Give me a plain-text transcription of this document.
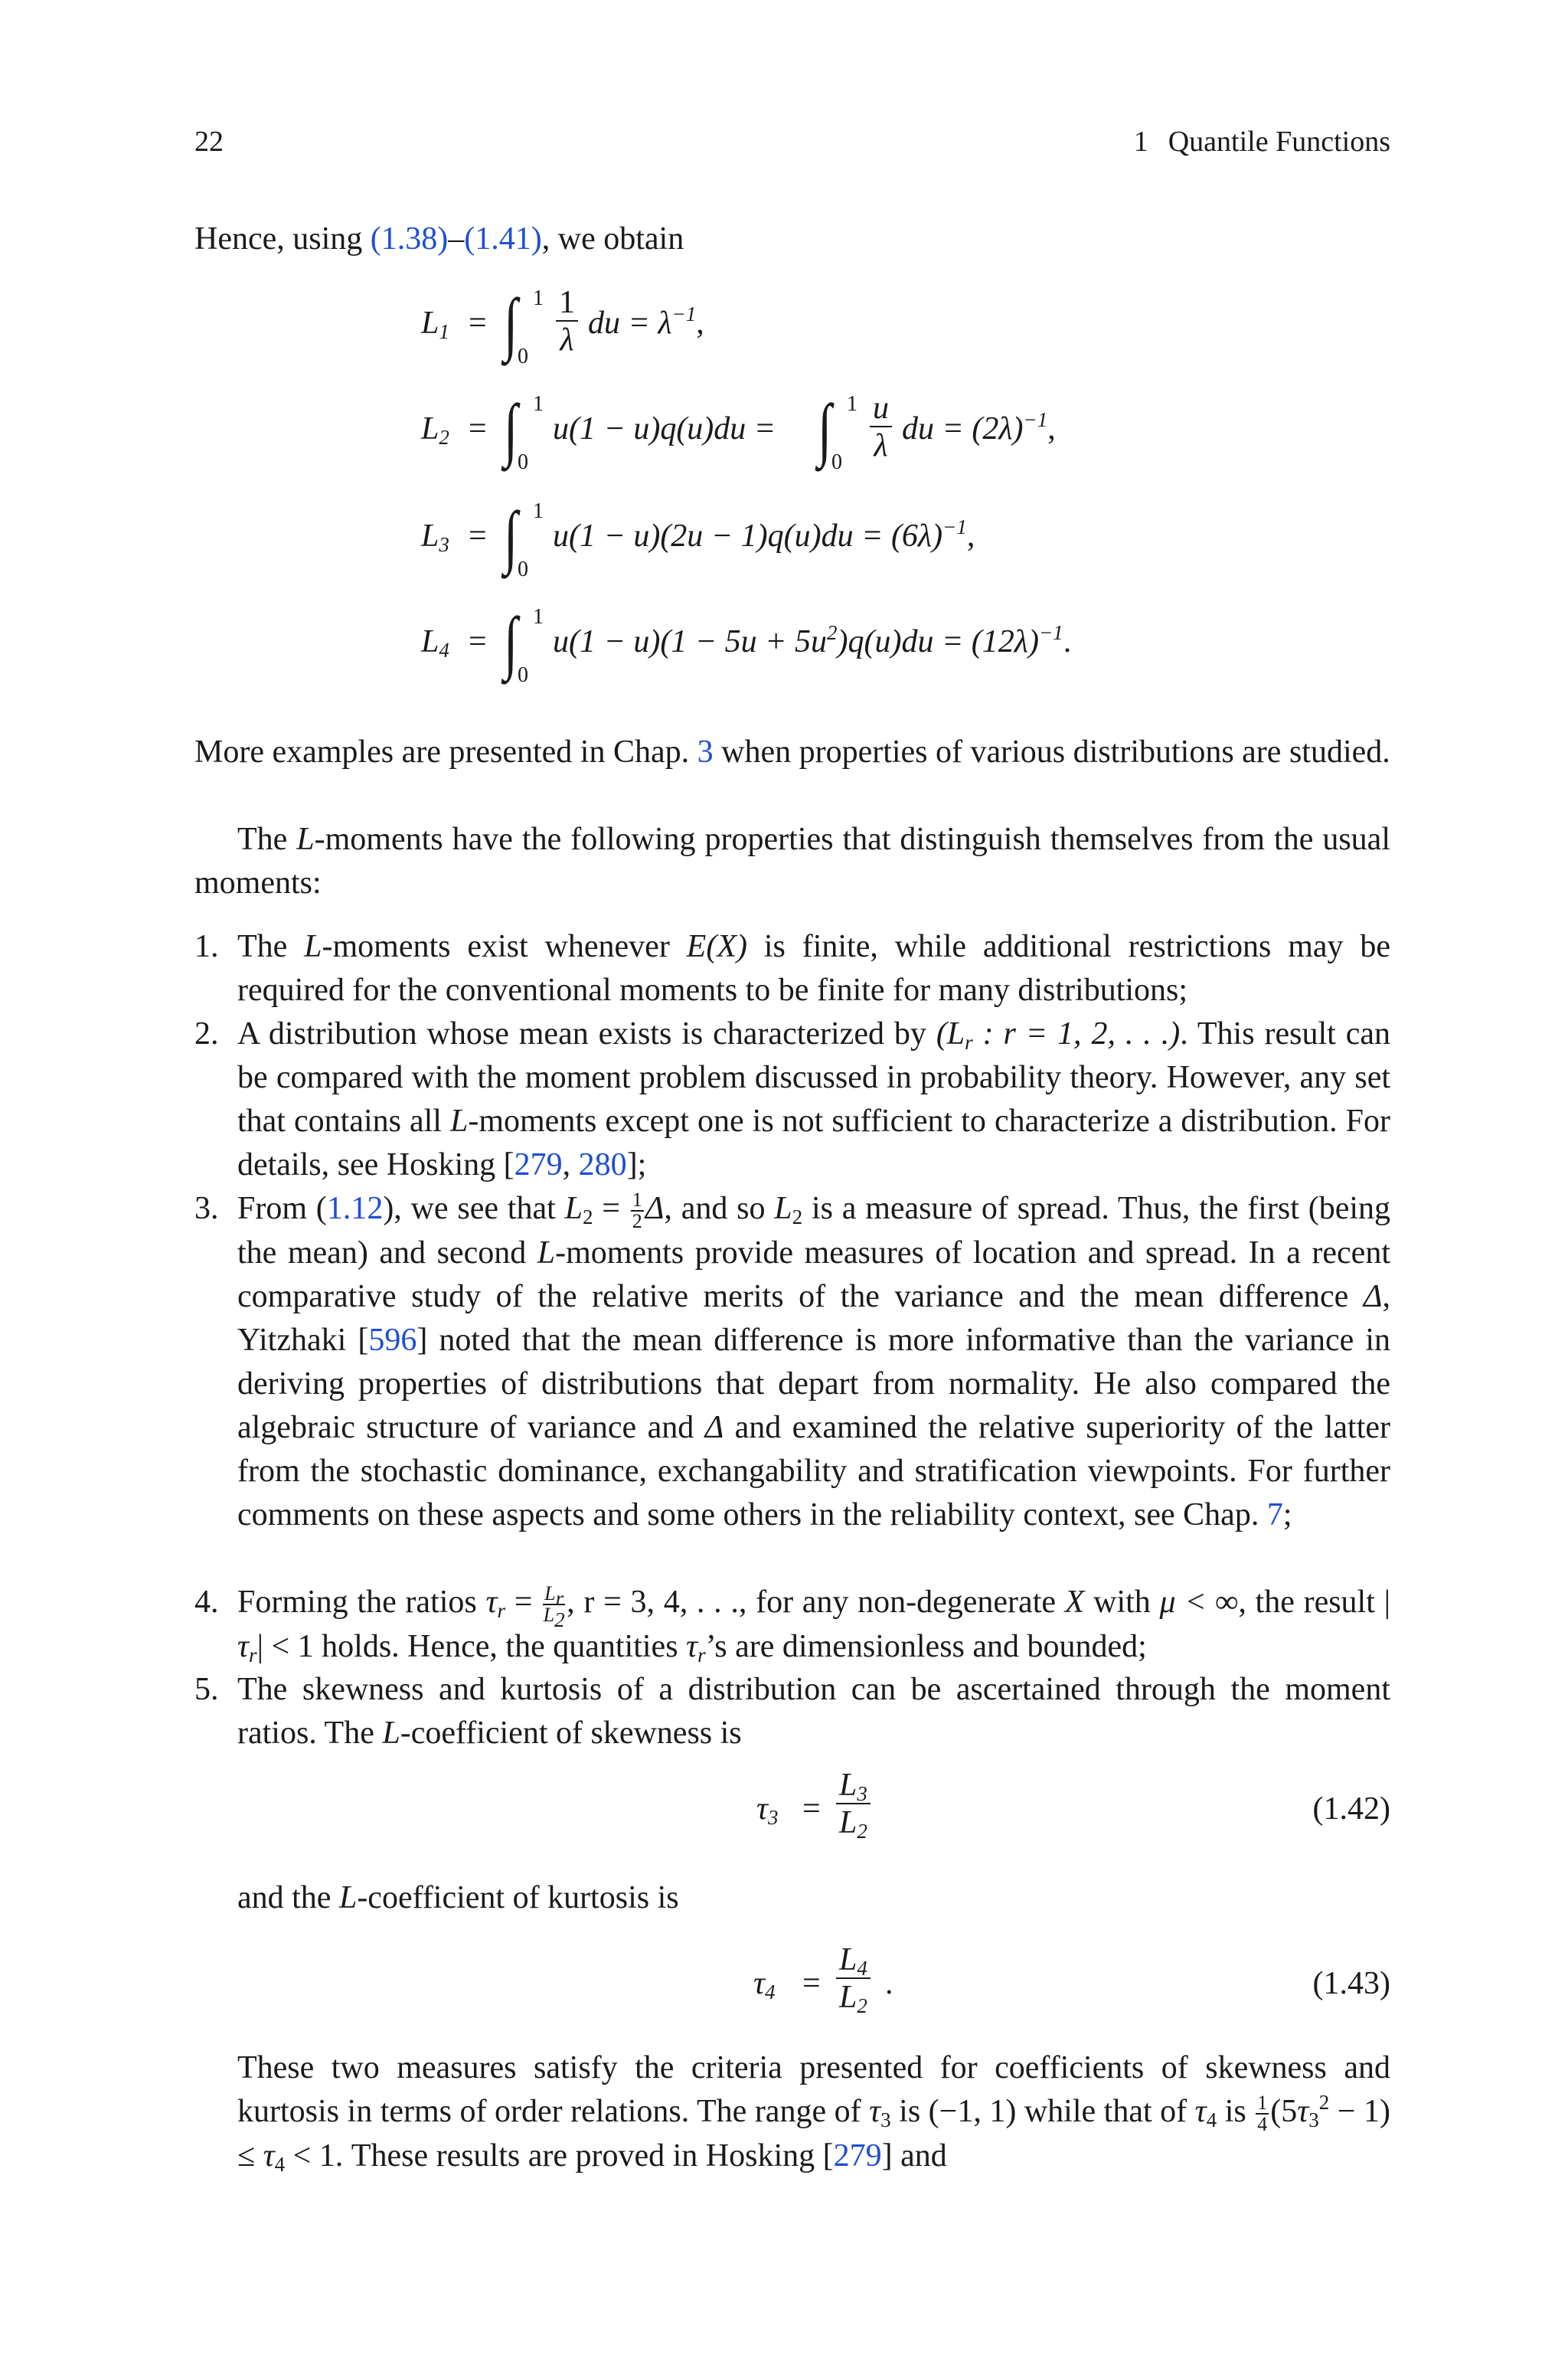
22	1 Quantile Functions
Hence, using (1.38)–(1.41), we obtain
$L_1$ = ∫ 1
$0 \frac{1}{\lambda}$ du = $\lambda^{-1}$,
$L_2$ = ∫ 1
0
u(1 − u)q(u)du = ∫ 1
$0 \frac{u}{\lambda}$ du = $(2\lambda)^{-1}$,
$L_3$ = ∫ 1
0
$u(1 - u)(2u - 1)q(u)du = (6\lambda)^{-1}$,
$L_4$ = ∫ 1
0
$u(1 - u)(1 - 5u + 5u^2)q(u)du = (12\lambda)^{-1}$.
More examples are presented in Chap. 3 when properties of various distributions are studied.
The L-moments have the following properties that distinguish themselves from the usual moments:
1. The L-moments exist whenever E(X) is finite, while additional restrictions may be required for the conventional moments to be finite for many distributions;
2. A distribution whose mean exists is characterized by ($L_r$ : r = 1, 2, . . .). This result can be compared with the moment problem discussed in probability theory. However, any set that contains all L-moments except one is not sufficient to characterize a distribution. For details, see Hosking [279, 280];
3. From (1.12), we see that $L_2 = \frac{1}{2} \Delta$, and so $L_2$ is a measure of spread. Thus, the first (being the mean) and second L-moments provide measures of location and spread. In a recent comparative study of the relative merits of the variance and the mean difference Δ, Yitzhaki [596] noted that the mean difference is more informative than the variance in deriving properties of distributions that depart from normality. He also compared the algebraic structure of variance and Δ and examined the relative superiority of the latter from the stochastic dominance, exchangability and stratification viewpoints. For further comments on these aspects and some others in the reliability context, see Chap. 7;
4. Forming the ratios $\tau_r = \frac{L_r}{L_2}$ , r = 3, 4, . . ., for any non-degenerate X with μ < ∞, the result $|\tau_r| < 1$ holds. Hence, the quantities $\tau_r’s$ are dimensionless and bounded;
5. The skewness and kurtosis of a distribution can be ascertained through the moment ratios. The L-coefficient of skewness is
$\tau_3 = \frac{L_3}{L_2}$	(1.42)
and the L-coefficient of kurtosis is
$\tau_4 = \frac{L_4}{L_2}$ .	(1.43)
These two measures satisfy the criteria presented for coefficients of skewness and kurtosis in terms of order relations. The range of $\tau_3$ is (−1, 1) while that of $\tau_4$ is $\frac{1}{4} (5\tau_3^2 - 1) \le \tau_4 < 1$. These results are proved in Hosking [279] and
